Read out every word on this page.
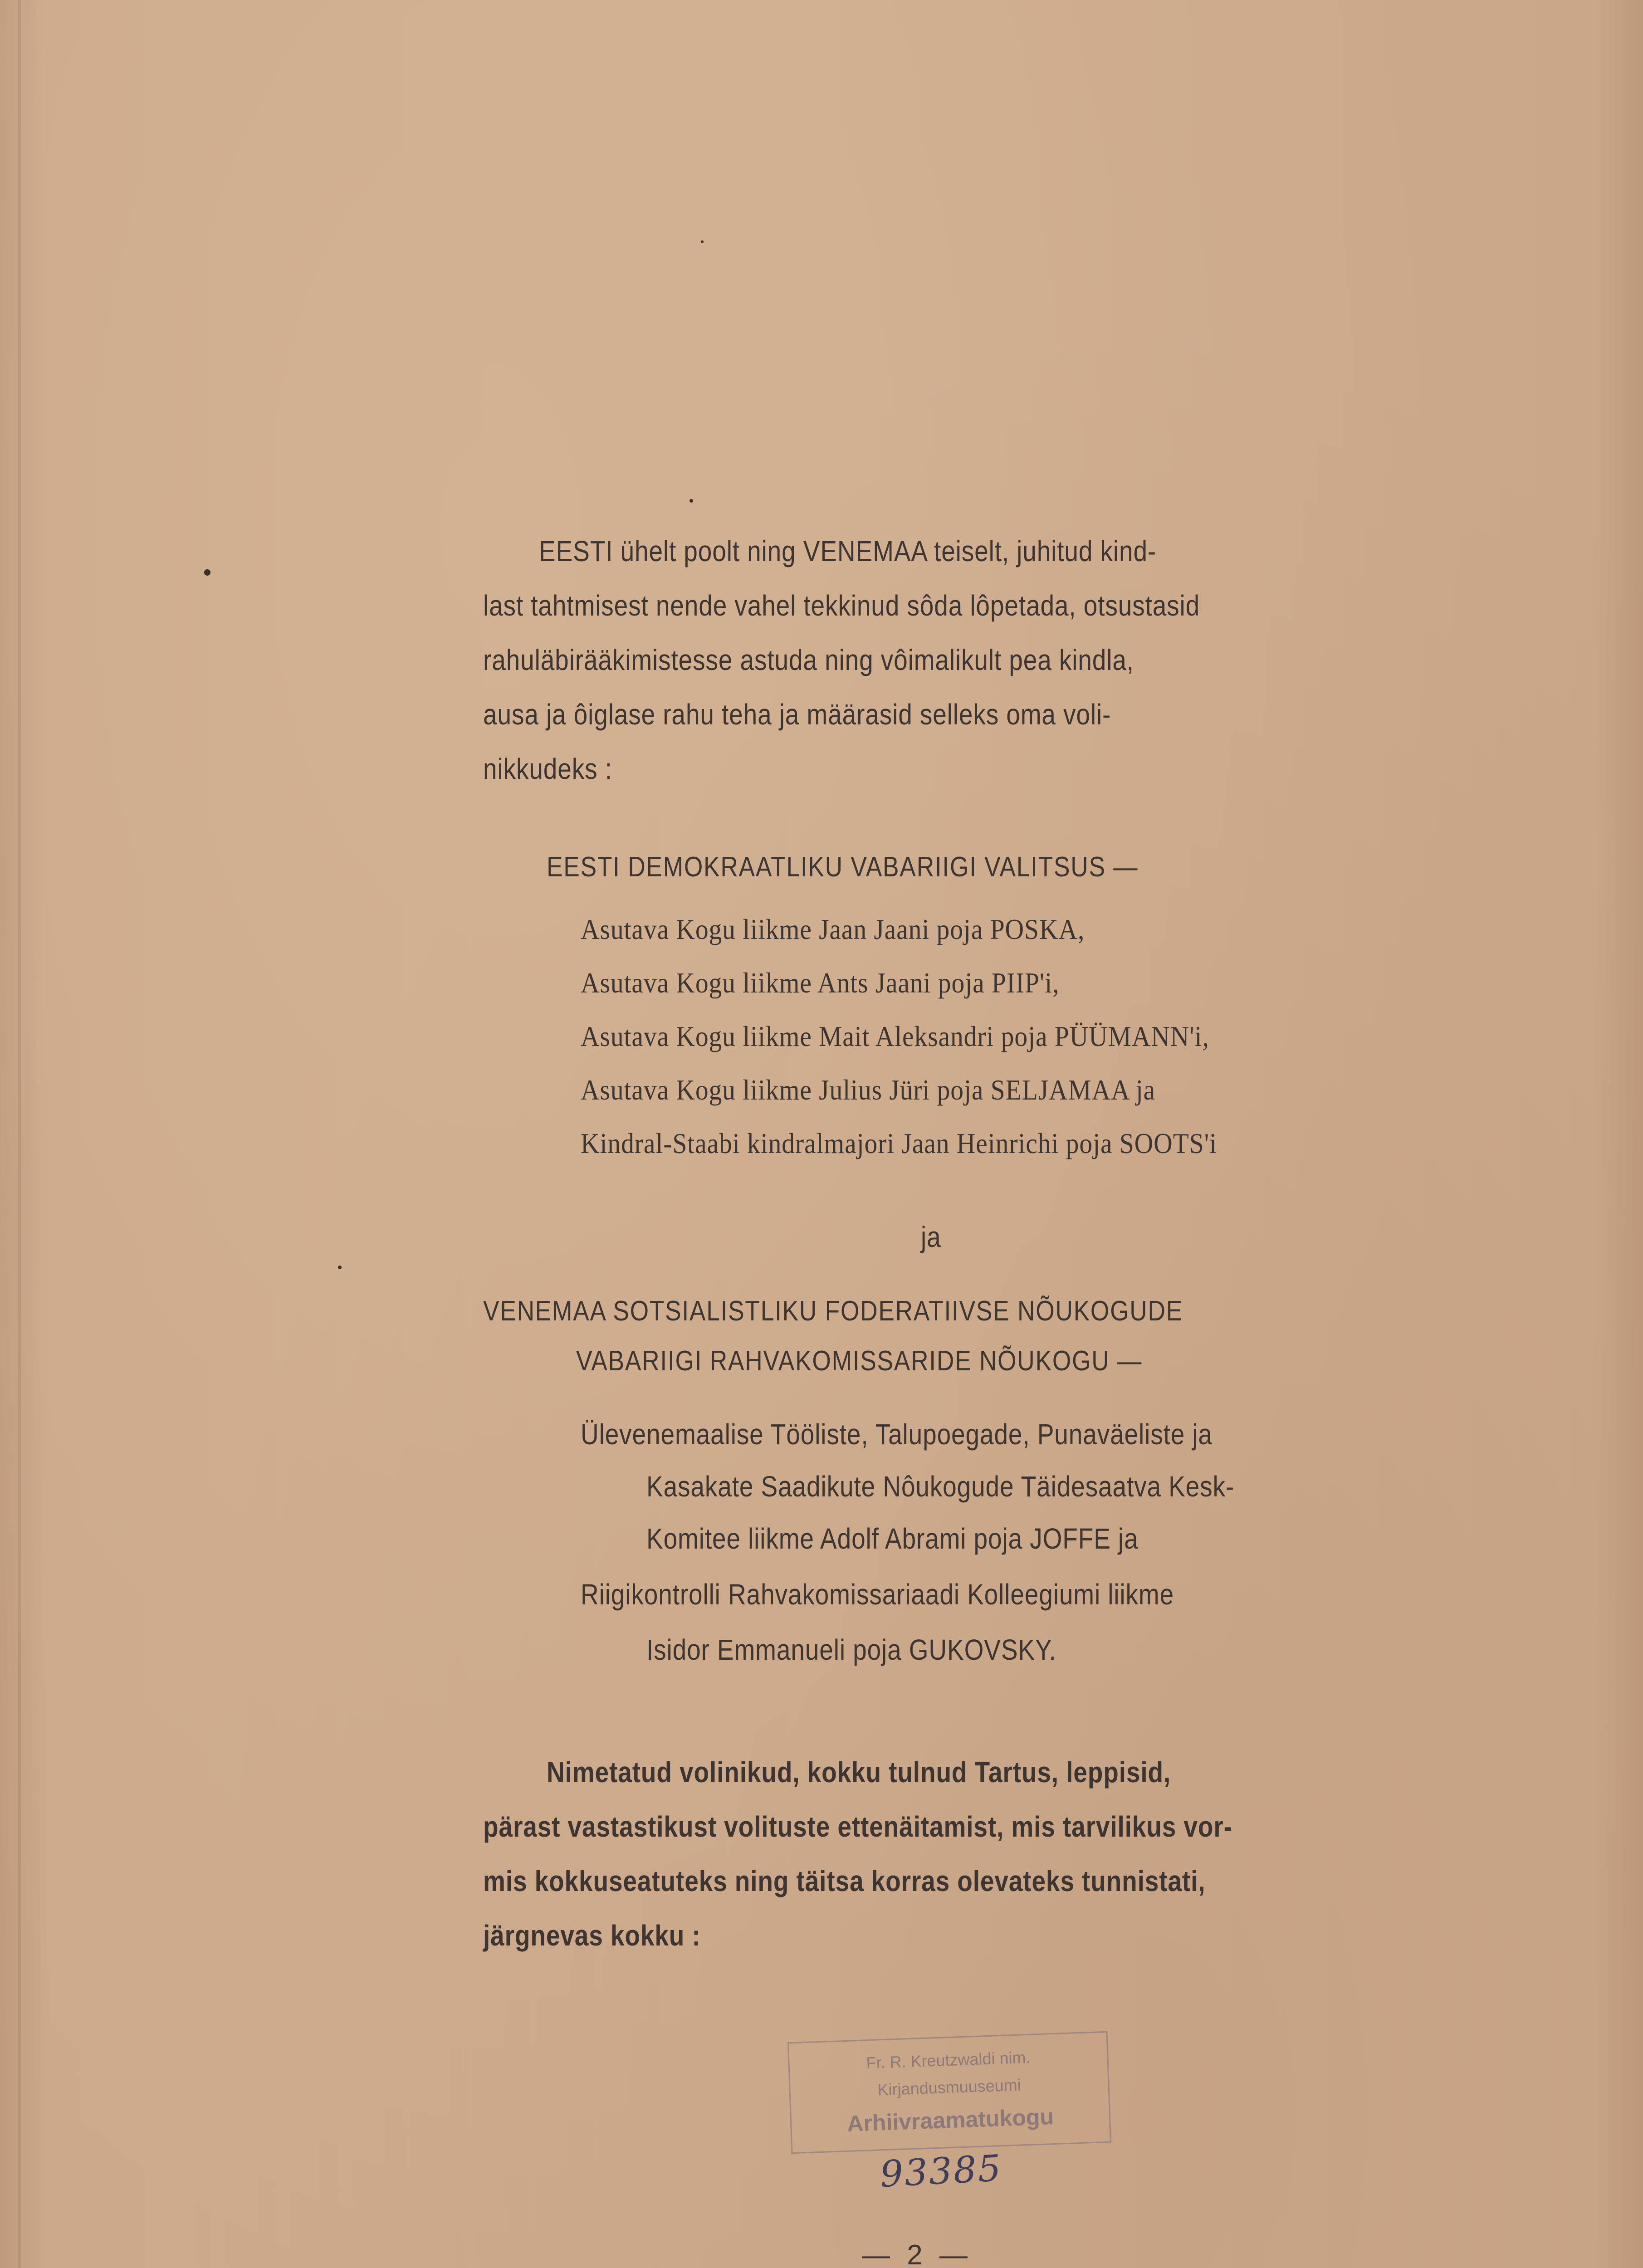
EESTI ühelt poolt ning VENEMAA teiselt, juhitud kind-
last tahtmisest nende vahel tekkinud sôda lôpetada, otsustasid
rahuläbirääkimistesse astuda ning vôimalikult pea kindla,
ausa ja ôiglase rahu teha ja määrasid selleks oma voli-
nikkudeks :
EESTI DEMOKRAATLIKU VABARIIGI VALITSUS —
Asutava Kogu liikme Jaan Jaani poja POSKA,
Asutava Kogu liikme Ants Jaani poja PIIP'i,
Asutava Kogu liikme Mait Aleksandri poja PÜÜMANN'i,
Asutava Kogu liikme Julius Jüri poja SELJAMAA ja
Kindral-Staabi kindralmajori Jaan Heinrichi poja SOOTS'i
ja
VENEMAA SOTSIALISTLIKU FODERATIIVSE NÕUKOGUDE
VABARIIGI RAHVAKOMISSARIDE NÕUKOGU —
Ülevenemaalise Tööliste, Talupoegade, Punaväeliste ja
Kasakate Saadikute Nôukogude Täidesaatva Kesk-
Komitee liikme Adolf Abrami poja JOFFE ja
Riigikontrolli Rahvakomissariaadi Kolleegiumi liikme
Isidor Emmanueli poja GUKOVSKY.
Nimetatud volinikud, kokku tulnud Tartus, leppisid,
pärast vastastikust volituste ettenäitamist, mis tarvilikus vor-
mis kokkuseatuteks ning täitsa korras olevateks tunnistati,
järgnevas kokku :
Fr. R. Kreutzwaldi nim.
Kirjandusmuuseumi
Arhiivraamatukogu
93385
— 2 —
